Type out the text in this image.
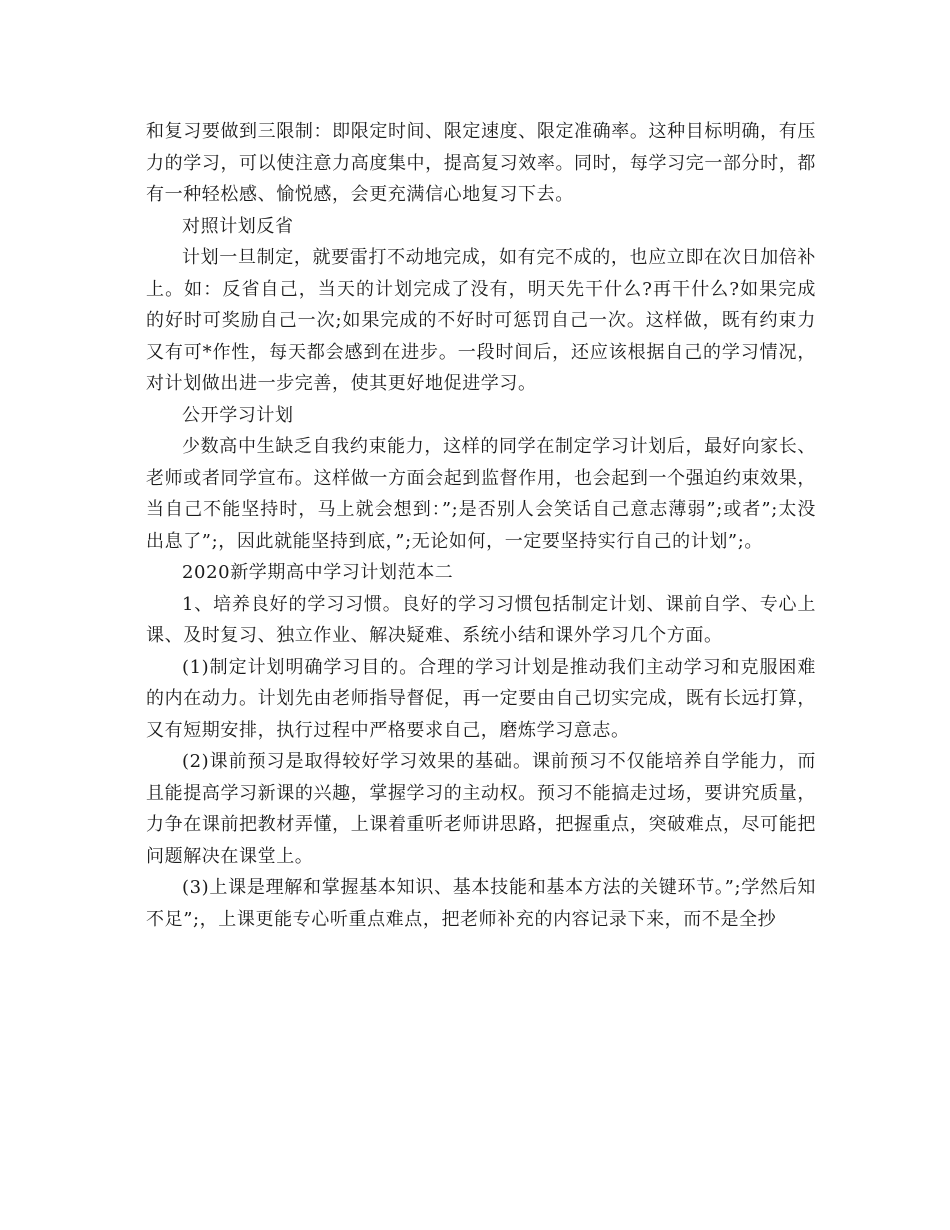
和复习要做到三限制：即限定时间、限定速度、限定准确率。这种目标明确，有压力的学习，可以使注意力高度集中，提高复习效率。同时，每学习完一部分时，都有一种轻松感、愉悦感，会更充满信心地复习下去。

对照计划反省

计划一旦制定，就要雷打不动地完成，如有完不成的，也应立即在次日加倍补上。如：反省自己，当天的计划完成了没有，明天先干什么?再干什么?如果完成的好时可奖励自己一次;如果完成的不好时可惩罚自己一次。这样做，既有约束力又有可*作性，每天都会感到在进步。一段时间后，还应该根据自己的学习情况，对计划做出进一步完善，使其更好地促进学习。

公开学习计划

少数高中生缺乏自我约束能力，这样的同学在制定学习计划后，最好向家长、老师或者同学宣布。这样做一方面会起到监督作用，也会起到一个强迫约束效果，当自己不能坚持时，马上就会想到：”;是否别人会笑话自己意志薄弱”;或者”;太没出息了”;，因此就能坚持到底，”;无论如何，一定要坚持实行自己的计划”;。

2020新学期高中学习计划范本二

1、培养良好的学习习惯。良好的学习习惯包括制定计划、课前自学、专心上课、及时复习、独立作业、解决疑难、系统小结和课外学习几个方面。

(1)制定计划明确学习目的。合理的学习计划是推动我们主动学习和克服困难的内在动力。计划先由老师指导督促，再一定要由自己切实完成，既有长远打算，又有短期安排，执行过程中严格要求自己，磨炼学习意志。

(2)课前预习是取得较好学习效果的基础。课前预习不仅能培养自学能力，而且能提高学习新课的兴趣，掌握学习的主动权。预习不能搞走过场，要讲究质量，力争在课前把教材弄懂，上课着重听老师讲思路，把握重点，突破难点，尽可能把问题解决在课堂上。

(3)上课是理解和掌握基本知识、基本技能和基本方法的关键环节。”;学然后知不足”;，上课更能专心听重点难点，把老师补充的内容记录下来，而不是全抄
